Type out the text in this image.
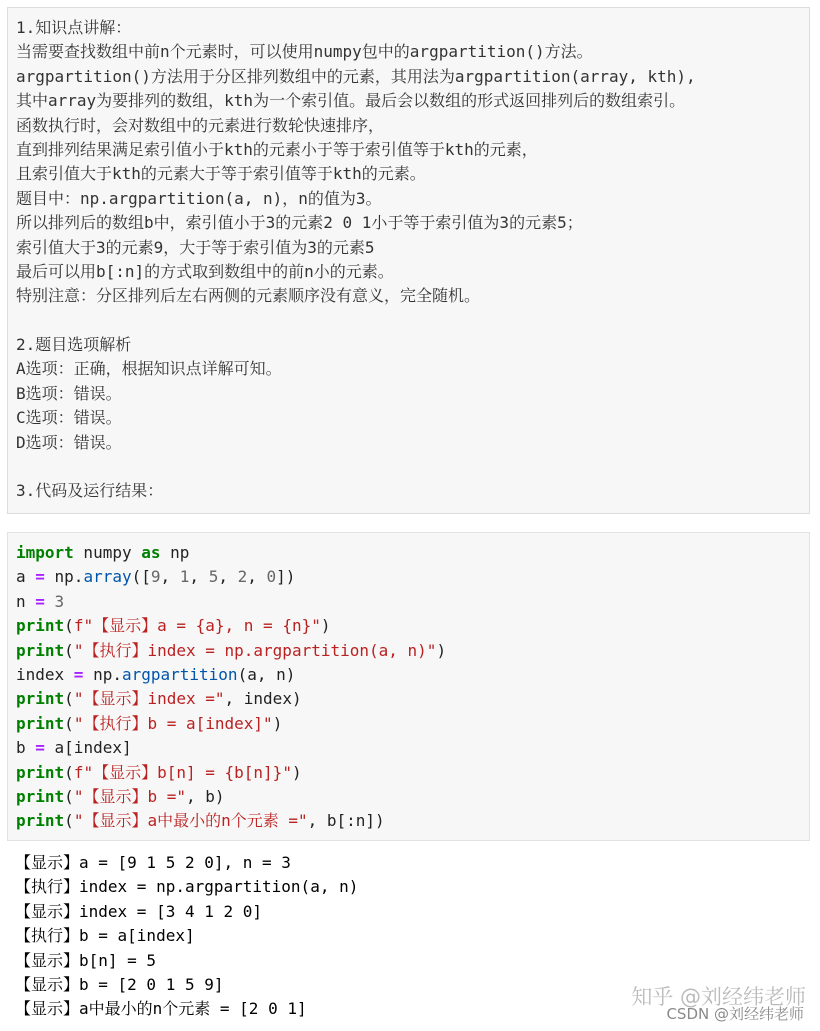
1.知识点讲解：
当需要查找数组中前n个元素时，可以使用numpy包中的argpartition()方法。
argpartition()方法用于分区排列数组中的元素，其用法为argpartition(array, kth),
其中array为要排列的数组，kth为一个索引值。最后会以数组的形式返回排列后的数组索引。
函数执行时，会对数组中的元素进行数轮快速排序，
直到排列结果满足索引值小于kth的元素小于等于索引值等于kth的元素，
且索引值大于kth的元素大于等于索引值等于kth的元素。
题目中：np.argpartition(a, n)，n的值为3。
所以排列后的数组b中，索引值小于3的元素2 0 1小于等于索引值为3的元素5；
索引值大于3的元素9，大于等于索引值为3的元素5
最后可以用b[:n]的方式取到数组中的前n小的元素。
特别注意：分区排列后左右两侧的元素顺序没有意义，完全随机。
2.题目选项解析
A选项：正确，根据知识点详解可知。
B选项：错误。
C选项：错误。
D选项：错误。
3.代码及运行结果：
import numpy as np
a = np.array([9, 1, 5, 2, 0])
n = 3
print(f"【显示】a = {a}, n = {n}")
print("【执行】index = np.argpartition(a, n)")
index = np.argpartition(a, n)
print("【显示】index =", index)
print("【执行】b = a[index]")
b = a[index]
print(f"【显示】b[n] = {b[n]}")
print("【显示】b =", b)
print("【显示】a中最小的n个元素 =", b[:n])
【显示】a = [9 1 5 2 0], n = 3
【执行】index = np.argpartition(a, n)
【显示】index = [3 4 1 2 0]
【执行】b = a[index]
【显示】b[n] = 5
【显示】b = [2 0 1 5 9]
【显示】a中最小的n个元素 = [2 0 1]	知乎 @刘经纬老师
CSDN @刘经纬老师
